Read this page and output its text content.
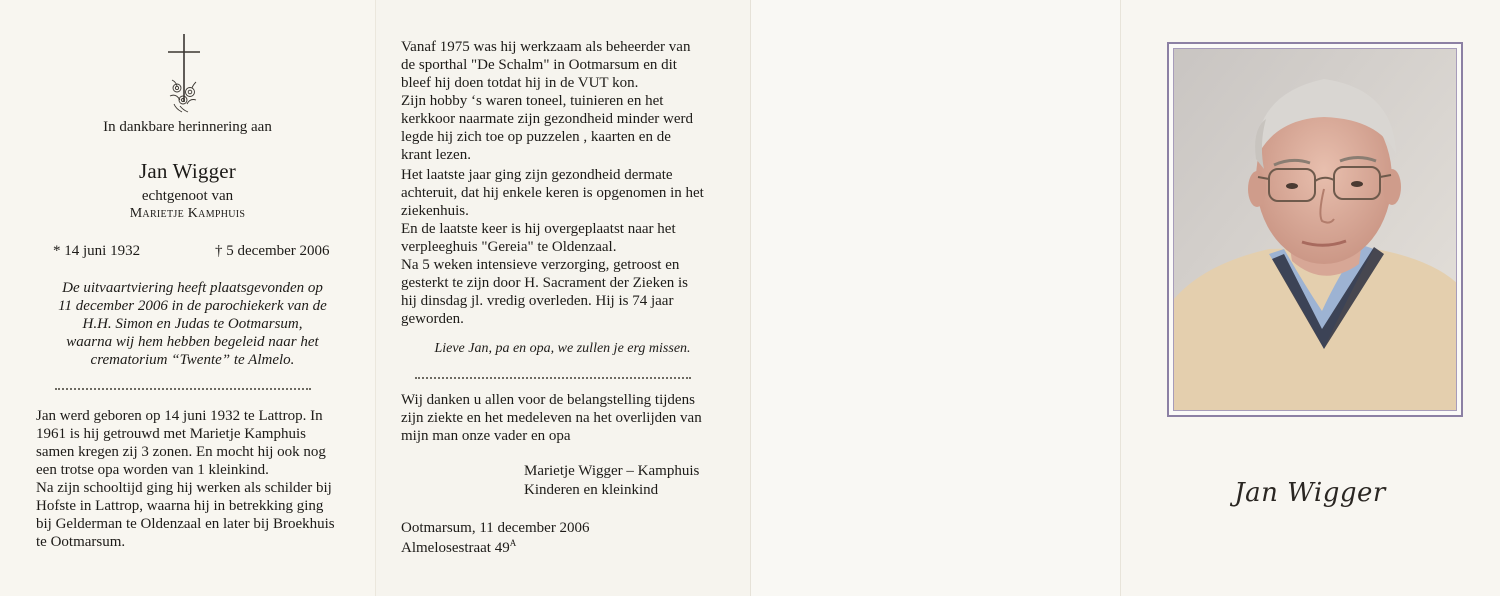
In dankbare herinnering aan
Jan Wigger
echtgenoot van
Marietje Kamphuis
* 14 juni 1932	† 5 december 2006
De uitvaartviering heeft plaatsgevonden op
11 december 2006 in de parochiekerk van de
H.H. Simon en Judas te Ootmarsum,
waarna wij hem hebben begeleid naar het
crematorium “Twente” te Almelo.
Jan werd geboren op 14 juni 1932 te Lattrop. In
1961 is hij getrouwd met Marietje Kamphuis
samen kregen zij 3 zonen. En mocht hij ook nog
een trotse opa worden van 1 kleinkind.
Na zijn schooltijd ging hij werken als schilder bij
Hofste in Lattrop, waarna hij in betrekking ging
bij Gelderman te Oldenzaal en later bij Broekhuis
te Ootmarsum.
Vanaf 1975 was hij werkzaam als beheerder van
de sporthal "De Schalm" in Ootmarsum en dit
bleef hij doen totdat hij in de VUT kon.
Zijn hobby ‘s waren toneel, tuinieren en het
kerkkoor naarmate zijn gezondheid minder werd
legde hij zich toe op puzzelen , kaarten en de
krant lezen.
Het laatste jaar ging zijn gezondheid dermate
achteruit, dat hij enkele keren is opgenomen in het
ziekenhuis.
En de laatste keer is hij overgeplaatst naar het
verpleeghuis "Gereia" te Oldenzaal.
Na 5 weken intensieve verzorging, getroost en
gesterkt te zijn door H. Sacrament der Zieken is
hij dinsdag jl. vredig overleden. Hij is 74 jaar
geworden.
Lieve Jan, pa en opa, we zullen je erg missen.
Wij danken u allen voor de belangstelling tijdens
zijn ziekte en het medeleven na het overlijden van
mijn man onze vader en opa
Marietje Wigger – Kamphuis
Kinderen en kleinkind
Ootmarsum, 11 december 2006
Almelosestraat $49^A$
Jan Wigger
